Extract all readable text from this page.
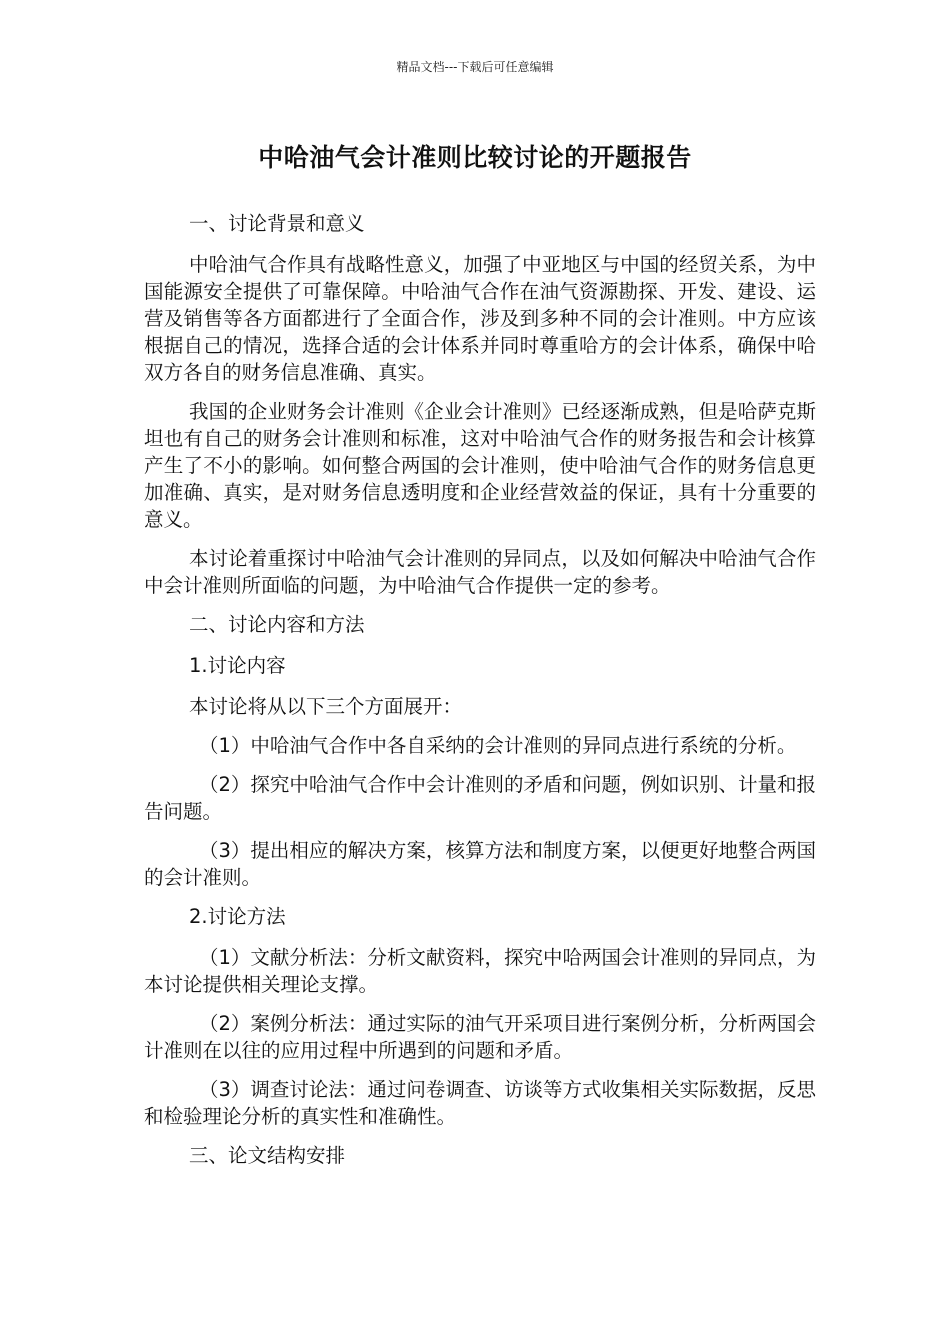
精品文档---下载后可任意编辑
中哈油气会计准则比较讨论的开题报告

一、讨论背景和意义

中哈油气合作具有战略性意义，加强了中亚地区与中国的经贸关系，为中国能源安全提供了可靠保障。中哈油气合作在油气资源勘探、开发、建设、运营及销售等各方面都进行了全面合作，涉及到多种不同的会计准则。中方应该根据自己的情况，选择合适的会计体系并同时尊重哈方的会计体系，确保中哈双方各自的财务信息准确、真实。

我国的企业财务会计准则《企业会计准则》已经逐渐成熟，但是哈萨克斯坦也有自己的财务会计准则和标准，这对中哈油气合作的财务报告和会计核算产生了不小的影响。如何整合两国的会计准则，使中哈油气合作的财务信息更加准确、真实，是对财务信息透明度和企业经营效益的保证，具有十分重要的意义。

本讨论着重探讨中哈油气会计准则的异同点，以及如何解决中哈油气合作中会计准则所面临的问题，为中哈油气合作提供一定的参考。

二、讨论内容和方法

1.讨论内容

本讨论将从以下三个方面展开：

（1）中哈油气合作中各自采纳的会计准则的异同点进行系统的分析。

（2）探究中哈油气合作中会计准则的矛盾和问题，例如识别、计量和报告问题。

（3）提出相应的解决方案，核算方法和制度方案，以便更好地整合两国的会计准则。

2.讨论方法

（1）文献分析法：分析文献资料，探究中哈两国会计准则的异同点，为本讨论提供相关理论支撑。

（2）案例分析法：通过实际的油气开采项目进行案例分析，分析两国会计准则在以往的应用过程中所遇到的问题和矛盾。

（3）调查讨论法：通过问卷调查、访谈等方式收集相关实际数据，反思和检验理论分析的真实性和准确性。

三、论文结构安排
